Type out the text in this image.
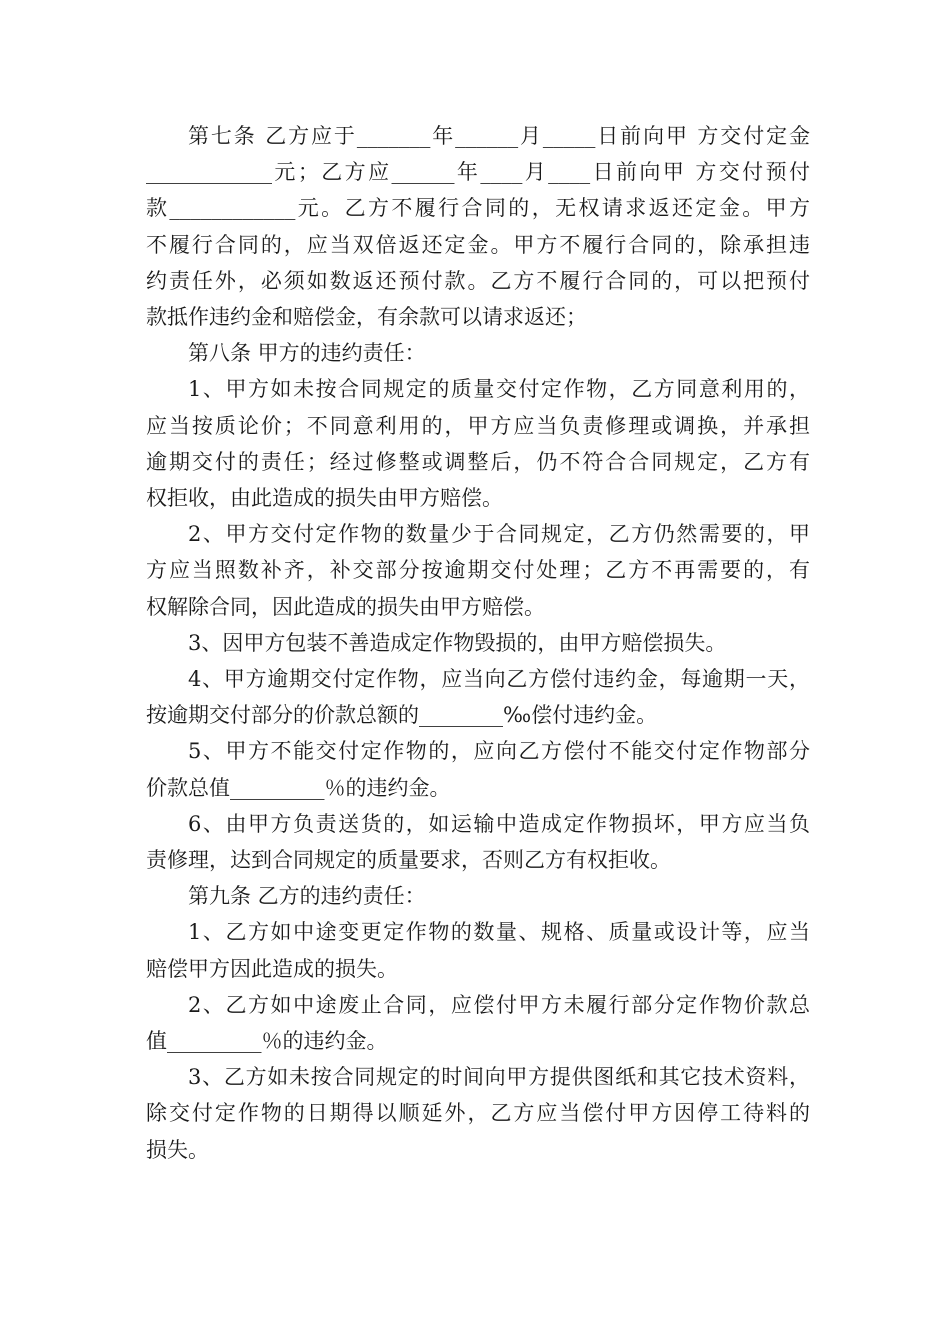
第七条 乙方应于_______年______月_____日前向甲 方交付定金
____________元；乙方应______年____月____日前向甲 方交付预付
款____________元。乙方不履行合同的，无权请求返还定金。甲方
不履行合同的，应当双倍返还定金。甲方不履行合同的，除承担违
约责任外，必须如数返还预付款。乙方不履行合同的，可以把预付
款抵作违约金和赔偿金，有余款可以请求返还；
第八条 甲方的违约责任：
1、甲方如未按合同规定的质量交付定作物，乙方同意利用的，
应当按质论价；不同意利用的，甲方应当负责修理或调换，并承担
逾期交付的责任；经过修整或调整后，仍不符合合同规定，乙方有
权拒收，由此造成的损失由甲方赔偿。
2、甲方交付定作物的数量少于合同规定，乙方仍然需要的，甲
方应当照数补齐，补交部分按逾期交付处理；乙方不再需要的，有
权解除合同，因此造成的损失由甲方赔偿。
3、因甲方包装不善造成定作物毁损的，由甲方赔偿损失。
4、甲方逾期交付定作物，应当向乙方偿付违约金，每逾期一天，
按逾期交付部分的价款总额的________‰偿付违约金。
5、甲方不能交付定作物的，应向乙方偿付不能交付定作物部分
价款总值_________％的违约金。
6、由甲方负责送货的，如运输中造成定作物损坏，甲方应当负
责修理，达到合同规定的质量要求，否则乙方有权拒收。
第九条 乙方的违约责任：
1、乙方如中途变更定作物的数量、规格、质量或设计等，应当
赔偿甲方因此造成的损失。
2、乙方如中途废止合同，应偿付甲方未履行部分定作物价款总
值_________％的违约金。
3、乙方如未按合同规定的时间向甲方提供图纸和其它技术资料，
除交付定作物的日期得以顺延外，乙方应当偿付甲方因停工待料的
损失。
